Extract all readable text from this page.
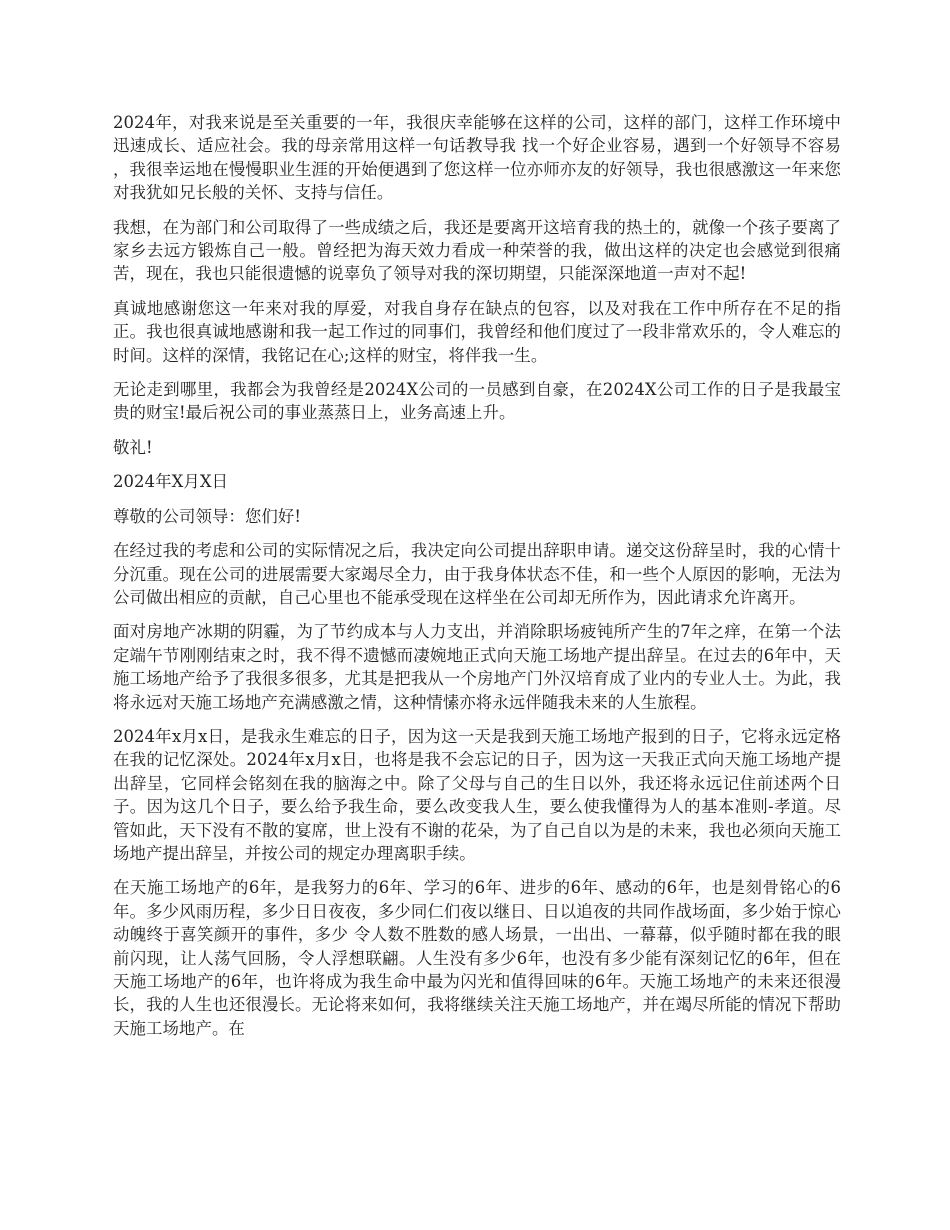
2024年，对我来说是至关重要的一年，我很庆幸能够在这样的公司，这样的部门，这样工作环境中迅速成长、适应社会。我的母亲常用这样一句话教导我 找一个好企业容易，遇到一个好领导不容易 ，我很幸运地在慢慢职业生涯的开始便遇到了您这样一位亦师亦友的好领导，我也很感激这一年来您对我犹如兄长般的关怀、支持与信任。

我想，在为部门和公司取得了一些成绩之后，我还是要离开这培育我的热土的，就像一个孩子要离了家乡去远方锻炼自己一般。曾经把为海天效力看成一种荣誉的我，做出这样的决定也会感觉到很痛苦，现在，我也只能很遗憾的说辜负了领导对我的深切期望，只能深深地道一声对不起!

真诚地感谢您这一年来对我的厚爱，对我自身存在缺点的包容，以及对我在工作中所存在不足的指正。我也很真诚地感谢和我一起工作过的同事们，我曾经和他们度过了一段非常欢乐的，令人难忘的时间。这样的深情，我铭记在心;这样的财宝，将伴我一生。

无论走到哪里，我都会为我曾经是2024X公司的一员感到自豪，在2024X公司工作的日子是我最宝贵的财宝!最后祝公司的事业蒸蒸日上，业务高速上升。

敬礼!

2024年X月X日

尊敬的公司领导：您们好!

在经过我的考虑和公司的实际情况之后，我决定向公司提出辞职申请。递交这份辞呈时，我的心情十分沉重。现在公司的进展需要大家竭尽全力，由于我身体状态不佳，和一些个人原因的影响，无法为公司做出相应的贡献，自己心里也不能承受现在这样坐在公司却无所作为，因此请求允许离开。

面对房地产冰期的阴霾，为了节约成本与人力支出，并消除职场疲钝所产生的7年之痒，在第一个法定端午节刚刚结束之时，我不得不遗憾而凄婉地正式向天施工场地产提出辞呈。在过去的6年中，天施工场地产给予了我很多很多，尤其是把我从一个房地产门外汉培育成了业内的专业人士。为此，我将永远对天施工场地产充满感激之情，这种情愫亦将永远伴随我未来的人生旅程。

2024年x月x日，是我永生难忘的日子，因为这一天是我到天施工场地产报到的日子，它将永远定格在我的记忆深处。2024年x月x日，也将是我不会忘记的日子，因为这一天我正式向天施工场地产提出辞呈，它同样会铭刻在我的脑海之中。除了父母与自己的生日以外，我还将永远记住前述两个日子。因为这几个日子，要么给予我生命，要么改变我人生，要么使我懂得为人的基本准则-孝道。尽管如此，天下没有不散的宴席，世上没有不谢的花朵，为了自己自以为是的未来，我也必须向天施工场地产提出辞呈，并按公司的规定办理离职手续。

在天施工场地产的6年，是我努力的6年、学习的6年、进步的6年、感动的6年，也是刻骨铭心的6年。多少风雨历程，多少日日夜夜，多少同仁们夜以继日、日以追夜的共同作战场面，多少始于惊心动魄终于喜笑颜开的事件，多少 令人数不胜数的感人场景，一出出、一幕幕，似乎随时都在我的眼前闪现，让人荡气回肠，令人浮想联翩。人生没有多少6年，也没有多少能有深刻记忆的6年，但在天施工场地产的6年，也许将成为我生命中最为闪光和值得回味的6年。天施工场地产的未来还很漫长，我的人生也还很漫长。无论将来如何，我将继续关注天施工场地产，并在竭尽所能的情况下帮助天施工场地产。在
